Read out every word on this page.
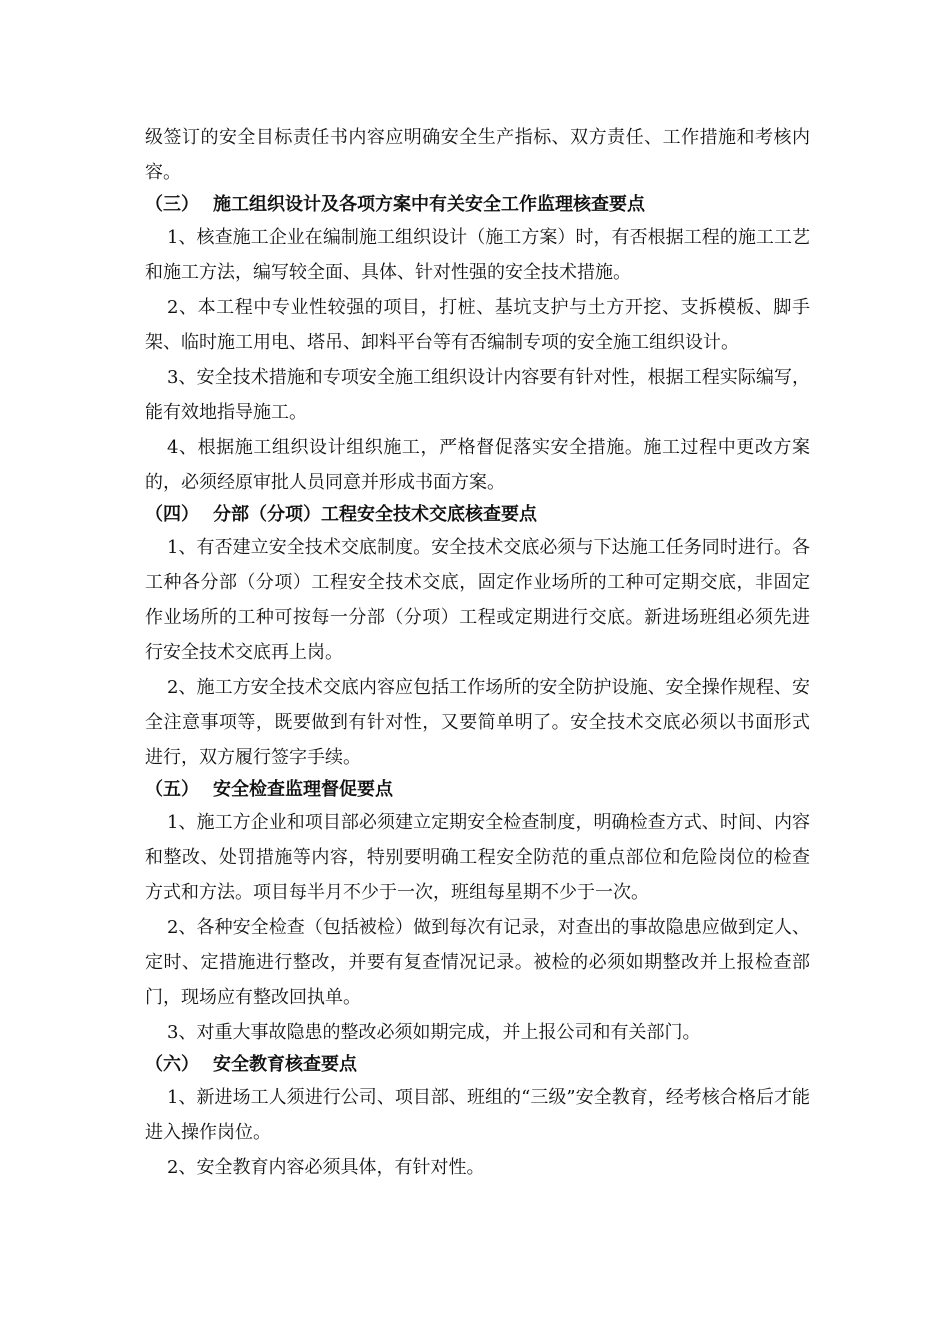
级签订的安全目标责任书内容应明确安全生产指标、双方责任、工作措施和考核内容。

（三） 施工组织设计及各项方案中有关安全工作监理核查要点

1、核查施工企业在编制施工组织设计（施工方案）时，有否根据工程的施工工艺和施工方法，编写较全面、具体、针对性强的安全技术措施。

2、本工程中专业性较强的项目，打桩、基坑支护与土方开挖、支拆模板、脚手架、临时施工用电、塔吊、卸料平台等有否编制专项的安全施工组织设计。

3、安全技术措施和专项安全施工组织设计内容要有针对性，根据工程实际编写，能有效地指导施工。

4、根据施工组织设计组织施工，严格督促落实安全措施。施工过程中更改方案的，必须经原审批人员同意并形成书面方案。

（四） 分部（分项）工程安全技术交底核查要点

1、有否建立安全技术交底制度。安全技术交底必须与下达施工任务同时进行。各工种各分部（分项）工程安全技术交底，固定作业场所的工种可定期交底，非固定作业场所的工种可按每一分部（分项）工程或定期进行交底。新进场班组必须先进行安全技术交底再上岗。

2、施工方安全技术交底内容应包括工作场所的安全防护设施、安全操作规程、安全注意事项等，既要做到有针对性，又要简单明了。安全技术交底必须以书面形式进行，双方履行签字手续。

（五） 安全检查监理督促要点

1、施工方企业和项目部必须建立定期安全检查制度，明确检查方式、时间、内容和整改、处罚措施等内容，特别要明确工程安全防范的重点部位和危险岗位的检查方式和方法。项目每半月不少于一次，班组每星期不少于一次。

2、各种安全检查（包括被检）做到每次有记录，对查出的事故隐患应做到定人、定时、定措施进行整改，并要有复查情况记录。被检的必须如期整改并上报检查部门，现场应有整改回执单。

3、对重大事故隐患的整改必须如期完成，并上报公司和有关部门。

（六） 安全教育核查要点

1、新进场工人须进行公司、项目部、班组的“三级”安全教育，经考核合格后才能进入操作岗位。

2、安全教育内容必须具体，有针对性。
